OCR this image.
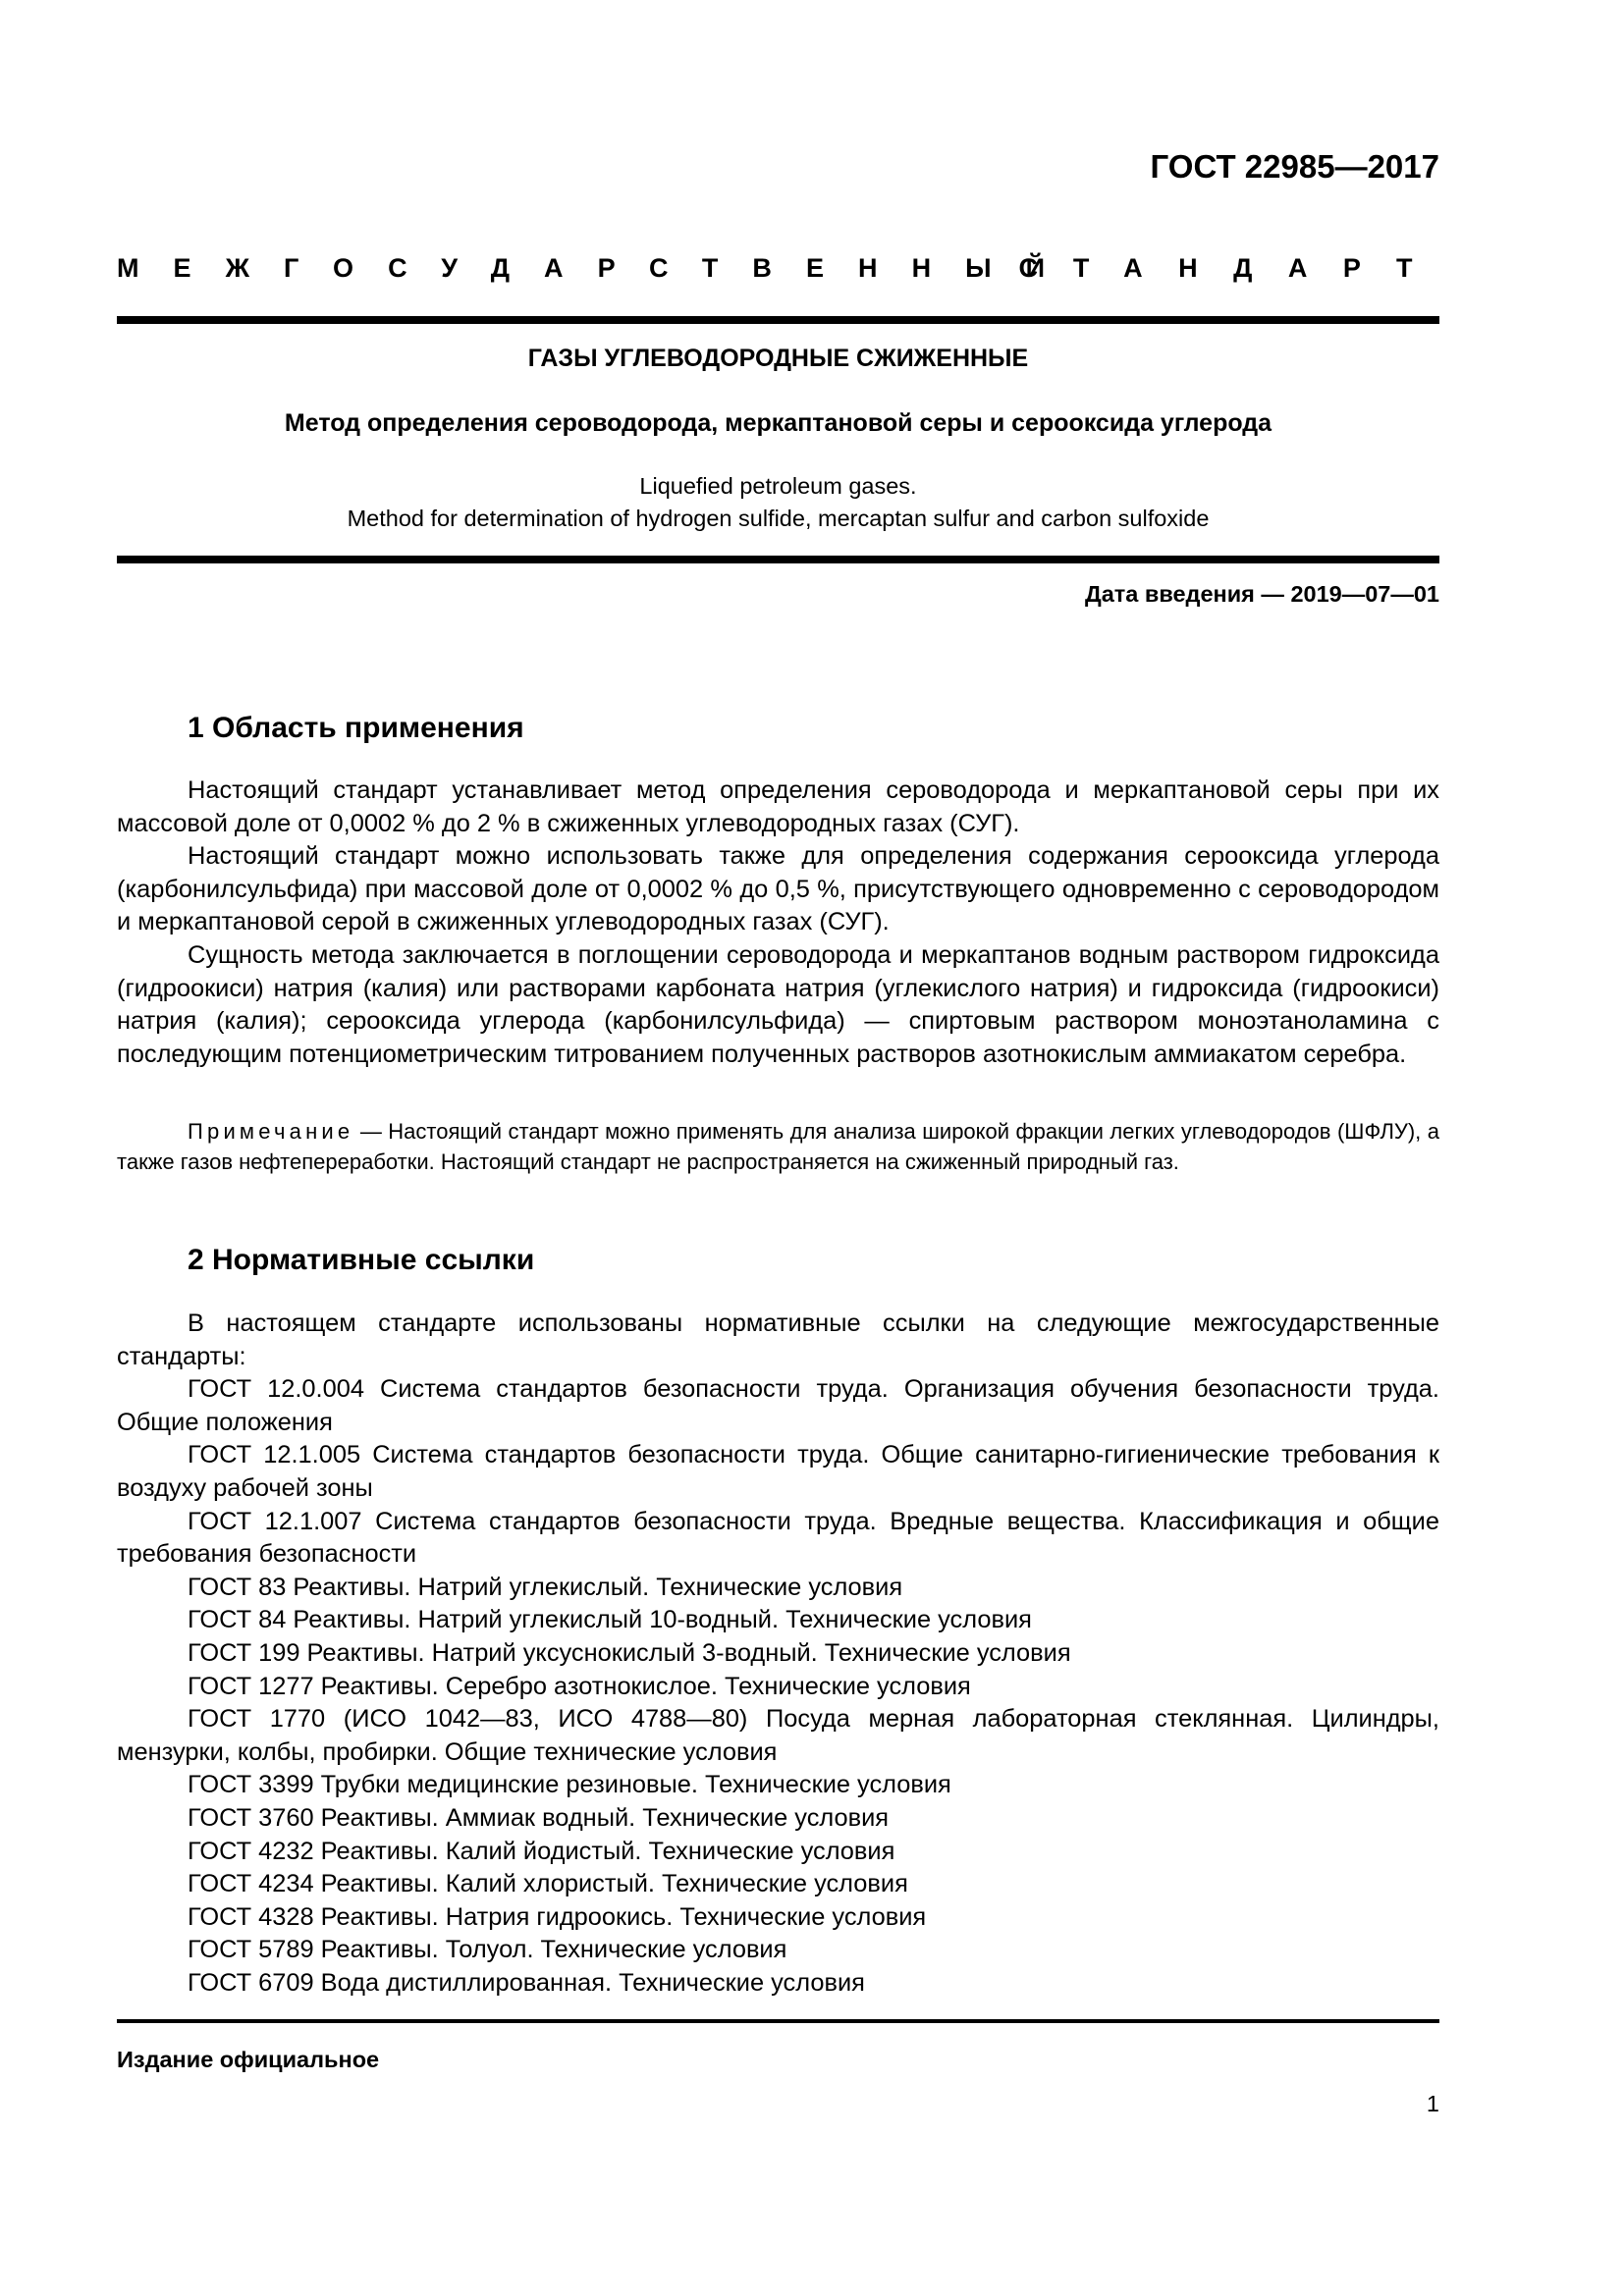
ГОСТ 22985—2017
МЕЖГОСУДАРСТВЕННЫЙ
СТАНДАРТ
ГАЗЫ УГЛЕВОДОРОДНЫЕ СЖИЖЕННЫЕ
Метод определения сероводорода, меркаптановой серы и серооксида углерода
Liquefied petroleum gases.
Method for determination of hydrogen sulfide, mercaptan sulfur and carbon sulfoxide
Дата введения — 2019—07—01
1 Область применения

Настоящий стандарт устанавливает метод определения сероводорода и меркаптановой серы при их массовой доле от 0,0002 % до 2 % в сжиженных углеводородных газах (СУГ).

Настоящий стандарт можно использовать также для определения содержания серооксида углерода (карбонилсульфида) при массовой доле от 0,0002 % до 0,5 %, присутствующего одновременно с сероводородом и меркаптановой серой в сжиженных углеводородных газах (СУГ).

Сущность метода заключается в поглощении сероводорода и меркаптанов водным раствором гидроксида (гидроокиси) натрия (калия) или растворами карбоната натрия (углекислого натрия) и гидроксида (гидроокиси) натрия (калия); серооксида углерода (карбонилсульфида) — спиртовым раствором моноэтаноламина с последующим потенциометрическим титрованием полученных растворов азотнокислым аммиакатом серебра.

Примечание — Настоящий стандарт можно применять для анализа широкой фракции легких углеводородов (ШФЛУ), а также газов нефтепереработки. Настоящий стандарт не распространяется на сжиженный природный газ.

2 Нормативные ссылки
В настоящем стандарте использованы нормативные ссылки на следующие межгосударственные стандарты:
ГОСТ 12.0.004 Система стандартов безопасности труда. Организация обучения безопасности труда. Общие положения
ГОСТ 12.1.005 Система стандартов безопасности труда. Общие санитарно-гигиенические требования к воздуху рабочей зоны
ГОСТ 12.1.007 Система стандартов безопасности труда. Вредные вещества. Классификация и общие требования безопасности
ГОСТ 83 Реактивы. Натрий углекислый. Технические условия
ГОСТ 84 Реактивы. Натрий углекислый 10-водный. Технические условия
ГОСТ 199 Реактивы. Натрий уксуснокислый 3-водный. Технические условия
ГОСТ 1277 Реактивы. Серебро азотнокислое. Технические условия
ГОСТ 1770 (ИСО 1042—83, ИСО 4788—80) Посуда мерная лабораторная стеклянная. Цилиндры, мензурки, колбы, пробирки. Общие технические условия
ГОСТ 3399 Трубки медицинские резиновые. Технические условия
ГОСТ 3760 Реактивы. Аммиак водный. Технические условия
ГОСТ 4232 Реактивы. Калий йодистый. Технические условия
ГОСТ 4234 Реактивы. Калий хлористый. Технические условия
ГОСТ 4328 Реактивы. Натрия гидроокись. Технические условия
ГОСТ 5789 Реактивы. Толуол. Технические условия
ГОСТ 6709 Вода дистиллированная. Технические условия
Издание официальное
1
